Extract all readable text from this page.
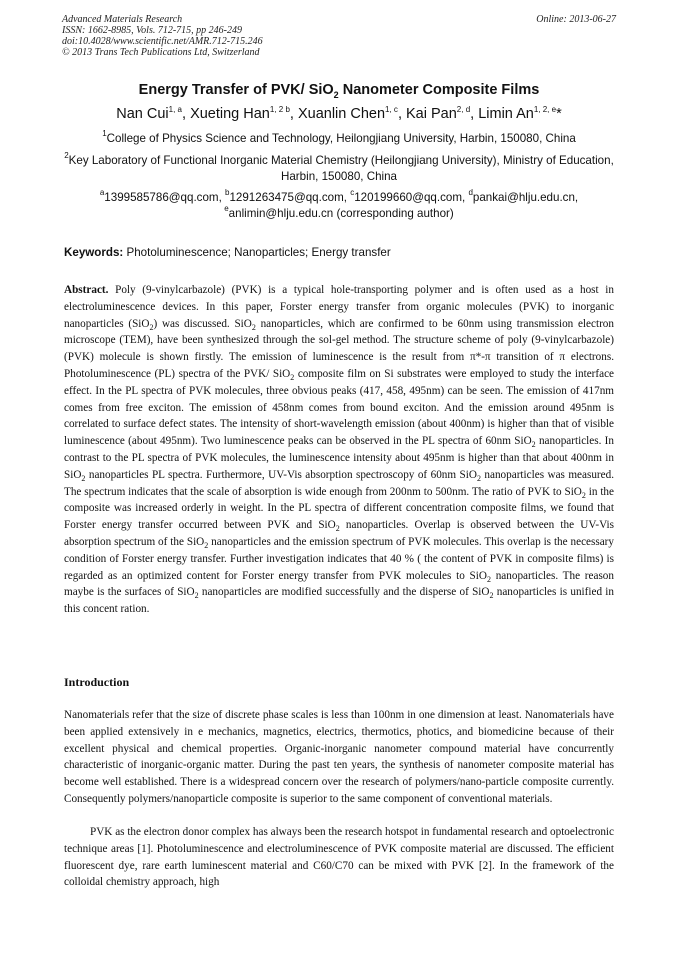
Advanced Materials Research
ISSN: 1662-8985, Vols. 712-715, pp 246-249
doi:10.4028/www.scientific.net/AMR.712-715.246
© 2013 Trans Tech Publications Ltd, Switzerland
Online: 2013-06-27
Energy Transfer of PVK/ SiO$_2$ Nanometer Composite Films
Nan Cui$^{1, a}$, Xueting Han$^{1, 2 b}$, Xuanlin Chen$^{1, c}$, Kai Pan$^{2, d}$, Limin An$^{1, 2, e}$*
$^1$College of Physics Science and Technology, Heilongjiang University, Harbin, 150080, China
$^2$Key Laboratory of Functional Inorganic Material Chemistry (Heilongjiang University), Ministry of Education, Harbin, 150080, China
$^a$1399585786@qq.com, $^b$1291263475@qq.com, $^c$120199660@qq.com, $^d$pankai@hlju.edu.cn,
$^e$anlimin@hlju.edu.cn (corresponding author)
Keywords: Photoluminescence; Nanoparticles; Energy transfer
Abstract. Poly (9-vinylcarbazole) (PVK) is a typical hole-transporting polymer and is often used as a host in electroluminescence devices. In this paper, Forster energy transfer from organic molecules (PVK) to inorganic nanoparticles (SiO$_2$) was discussed. SiO$_2$ nanoparticles, which are confirmed to be 60nm using transmission electron microscope (TEM), have been synthesized through the sol-gel method. The structure scheme of poly (9-vinylcarbazole) (PVK) molecule is shown firstly. The emission of luminescence is the result from π*-π transition of π electrons. Photoluminescence (PL) spectra of the PVK/ SiO$_2$ composite film on Si substrates were employed to study the interface effect. In the PL spectra of PVK molecules, three obvious peaks (417, 458, 495nm) can be seen. The emission of 417nm comes from free exciton. The emission of 458nm comes from bound exciton. And the emission around 495nm is correlated to surface defect states. The intensity of short-wavelength emission (about 400nm) is higher than that of visible luminescence (about 495nm). Two luminescence peaks can be observed in the PL spectra of 60nm SiO$_2$ nanoparticles. In contrast to the PL spectra of PVK molecules, the luminescence intensity about 495nm is higher than that about 400nm in SiO$_2$ nanoparticles PL spectra. Furthermore, UV-Vis absorption spectroscopy of 60nm SiO$_2$ nanoparticles was measured. The spectrum indicates that the scale of absorption is wide enough from 200nm to 500nm. The ratio of PVK to SiO$_2$ in the composite was increased orderly in weight. In the PL spectra of different concentration composite films, we found that Forster energy transfer occurred between PVK and SiO$_2$ nanoparticles. Overlap is observed between the UV-Vis absorption spectrum of the SiO$_2$ nanoparticles and the emission spectrum of PVK molecules. This overlap is the necessary condition of Forster energy transfer. Further investigation indicates that 40 % ( the content of PVK in composite films) is regarded as an optimized content for Forster energy transfer from PVK molecules to SiO$_2$ nanoparticles. The reason maybe is the surfaces of SiO$_2$ nanoparticles are modified successfully and the disperse of SiO$_2$ nanoparticles is unified in this concent ration.
Introduction

Nanomaterials refer that the size of discrete phase scales is less than 100nm in one dimension at least. Nanomaterials have been applied extensively in e mechanics, magnetics, electrics, thermotics, photics, and biomedicine because of their excellent physical and chemical properties. Organic-inorganic nanometer compound material have concurrently characteristic of inorganic-organic matter. During the past ten years, the synthesis of nanometer composite material has become well established. There is a widespread concern over the research of polymers/nano-particle composite currently. Consequently polymers/nanoparticle composite is superior to the same component of conventional materials.

PVK as the electron donor complex has always been the research hotspot in fundamental research and optoelectronic technique areas [1]. Photoluminescence and electroluminescence of PVK composite material are discussed. The efficient fluorescent dye, rare earth luminescent material and C60/C70 can be mixed with PVK [2]. In the framework of the colloidal chemistry approach, high
